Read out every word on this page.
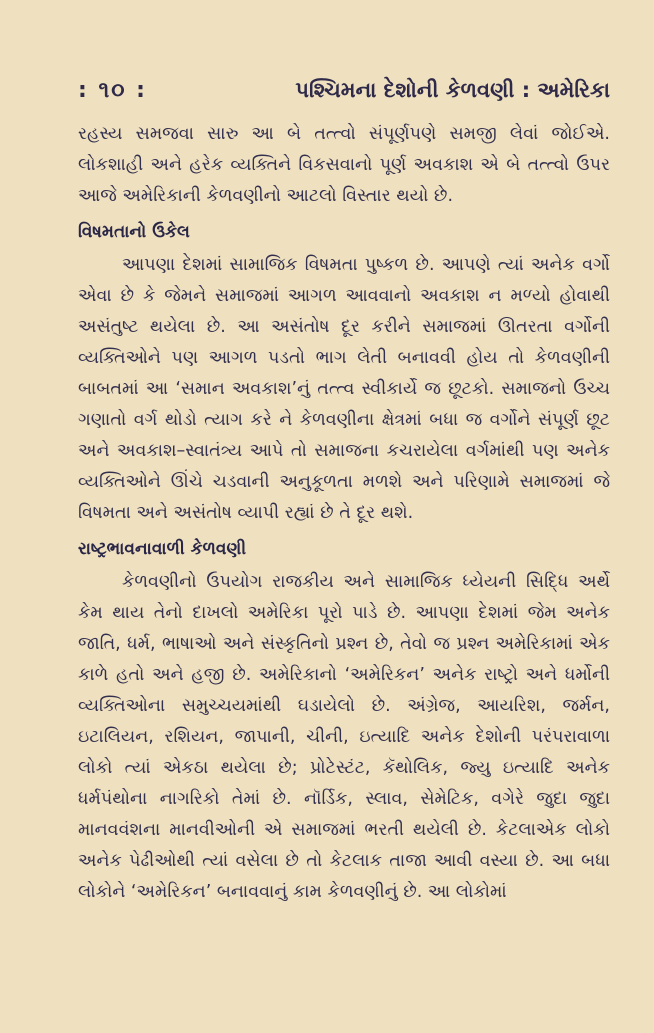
: ૧૦ :	પશ્ચિમના દેશોની કેળવણી : અમેરિકા

રહસ્ય સમજવા સારુ આ બે તત્ત્વો સંપૂર્ણપણે સમજી લેવાં જોઈએ. લોકશાહી અને હરેક વ્યક્તિને વિકસવાનો પૂર્ણ અવકાશ એ બે તત્ત્વો ઉપર આજે અમેરિકાની કેળવણીનો આટલો વિસ્તાર થયો છે.

વિષમતાનો ઉકેલ

આપણા દેશમાં સામાજિક વિષમતા પુષ્કળ છે. આપણે ત્યાં અનેક વર્ગો એવા છે કે જેમને સમાજમાં આગળ આવવાનો અવકાશ ન મળ્યો હોવાથી અસંતુષ્ટ થયેલા છે. આ અસંતોષ દૂર કરીને સમાજમાં ઊતરતા વર્ગોની વ્યક્તિઓને પણ આગળ પડતો ભાગ લેતી બનાવવી હોય તો કેળવણીની બાબતમાં આ ‘સમાન અવકાશ’નું તત્ત્વ સ્વીકાર્યે જ છૂટકો. સમાજનો ઉચ્ચ ગણાતો વર્ગ થોડો ત્યાગ કરે ને કેળવણીના ક્ષેત્રમાં બધા જ વર્ગોને સંપૂર્ણ છૂટ અને અવકાશ–સ્વાતંત્ર્ય આપે તો સમાજના કચરાયેલા વર્ગમાંથી પણ અનેક વ્યક્તિઓને ઊંચે ચડવાની અનુકૂળતા મળશે અને પરિણામે સમાજમાં જે વિષમતા અને અસંતોષ વ્યાપી રહ્યાં છે તે દૂર થશે.

રાષ્ટ્રભાવનાવાળી કેળવણી

કેળવણીનો ઉપયોગ રાજકીય અને સામાજિક ધ્યેયની સિદ્ધિ અર્થે કેમ થાય તેનો દાખલો અમેરિકા પૂરો પાડે છે. આપણા દેશમાં જેમ અનેક જાતિ, ધર્મ, ભાષાઓ અને સંસ્કૃતિનો પ્રશ્ન છે, તેવો જ પ્રશ્ન અમેરિકામાં એક કાળે હતો અને હજી છે. અમેરિકાનો ‘અમેરિકન’ અનેક રાષ્ટ્રો અને ધર્મોની વ્યક્તિઓના સમુચ્ચયમાંથી ઘડાયેલો છે. અંગ્રેજ, આયરિશ, જર્મન, ઇટાલિયન, રશિયન, જાપાની, ચીની, ઇત્યાદિ અનેક દેશોની પરંપરાવાળા લોકો ત્યાં એકઠા થયેલા છે; પ્રોટેસ્ટંટ, કૅથોલિક, જ્યુ ઇત્યાદિ અનેક ધર્મપંથોના નાગરિકો તેમાં છે. નૉર્ડિક, સ્લાવ, સેમેટિક, વગેરે જુદા જુદા માનવવંશના માનવીઓની એ સમાજમાં ભરતી થયેલી છે. કેટલાએક લોકો અનેક પેઢીઓથી ત્યાં વસેલા છે તો કેટલાક તાજા આવી વસ્યા છે. આ બધા લોકોને ‘અમેરિકન’ બનાવવાનું કામ કેળવણીનું છે. આ લોકોમાં
